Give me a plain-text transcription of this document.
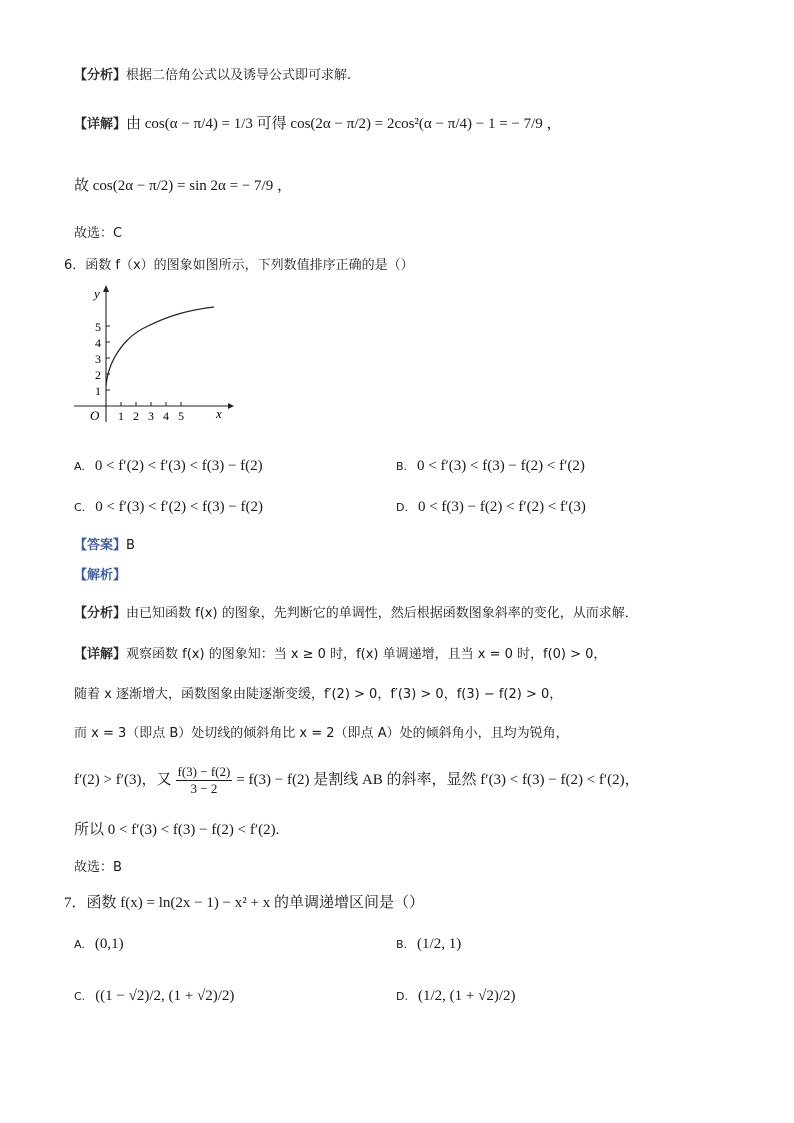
【分析】根据二倍角公式以及诱导公式即可求解.
【详解】由 cos(α − π/4) = 1/3 可得 cos(2α − π/2) = 2cos²(α − π/4) − 1 = − 7/9 ，
故 cos(2α − π/2) = sin 2α = − 7/9 ，
故选：C
6．函数 f（x）的图象如图所示，下列数值排序正确的是（）
y
x
O
1
2
3
4
5
1 2 3 4 5
A. 0 < f′(2) < f′(3) < f(3) − f(2)	B. 0 < f′(3) < f(3) − f(2) < f′(2)
C. 0 < f′(3) < f′(2) < f(3) − f(2)	D. 0 < f(3) − f(2) < f′(2) < f′(3)
【答案】B
【解析】
【分析】由已知函数 f(x) 的图象，先判断它的单调性，然后根据函数图象斜率的变化，从而求解．
【详解】观察函数 f(x) 的图象知：当 x ≥ 0 时，f(x) 单调递增，且当 x = 0 时，f(0) > 0，
随着 x 逐渐增大，函数图象由陡逐渐变缓，f′(2) > 0，f′(3) > 0，f(3) − f(2) > 0，
而 x = 3（即点 B）处切线的倾斜角比 x = 2（即点 A）处的倾斜角小，且均为锐角，
f′(2) > f′(3)，又 $\frac{f(3) - f(2)}{3 - 2} = f(3) - f(2)$ 是割线 AB 的斜率，显然 f′(3) < f(3) − f(2) < f′(2)，
所以 0 < f′(3) < f(3) − f(2) < f′(2).
故选：B
7．函数 f(x) = ln(2x − 1) − x² + x 的单调递增区间是（）
A. (0,1)	B. (1/2, 1)
C. ((1 − √2)/2, (1 + √2)/2)	D. (1/2, (1 + √2)/2)
